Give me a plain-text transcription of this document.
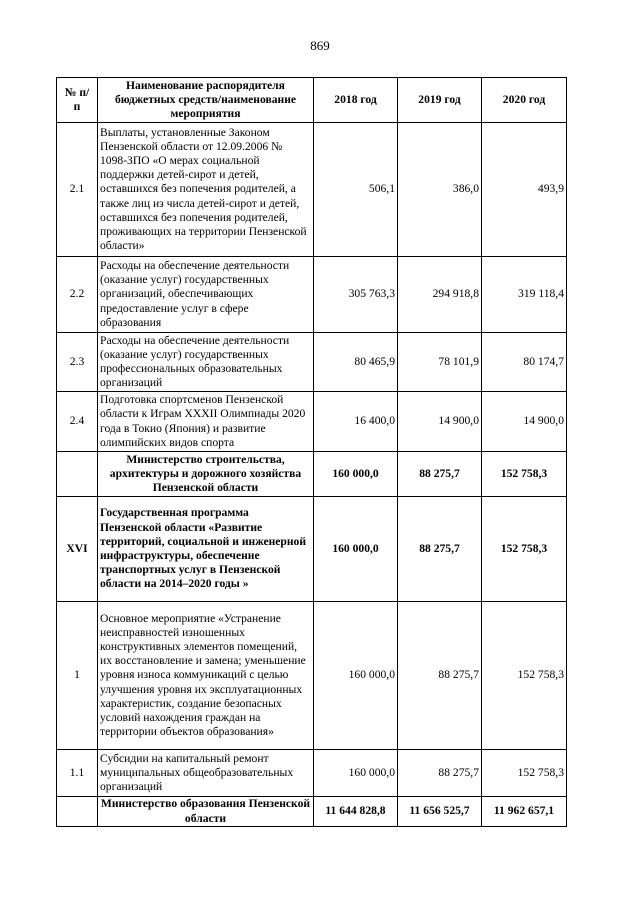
869
№ п/п	Наименование распорядителя бюджетных средств/наименование мероприятия	2018 год	2019 год	2020 год
2.1	Выплаты, установленные Законом Пензенской области от 12.09.2006 № 1098-ЗПО «О мерах социальной поддержки детей-сирот и детей, оставшихся без попечения родителей, а также лиц из числа детей-сирот и детей, оставшихся без попечения родителей, проживающих на территории Пензенской области»	506,1	386,0	493,9
2.2	Расходы на обеспечение деятельности (оказание услуг) государственных организаций, обеспечивающих предоставление услуг в сфере образования	305 763,3	294 918,8	319 118,4
2.3	Расходы на обеспечение деятельности (оказание услуг) государственных профессиональных образовательных организаций	80 465,9	78 101,9	80 174,7
2.4	Подготовка спортсменов Пензенской области к Играм XXXII Олимпиады 2020 года в Токио (Япония) и развитие олимпийских видов спорта	16 400,0	14 900,0	14 900,0
	Министерство строительства, архитектуры и дорожного хозяйства Пензенской области	160 000,0	88 275,7	152 758,3
XVI	Государственная программа Пензенской области «Развитие территорий, социальной и инженерной инфраструктуры, обеспечение транспортных услуг в Пензенской области на 2014–2020 годы »	160 000,0	88 275,7	152 758,3
1	Основное мероприятие «Устранение неисправностей изношенных конструктивных элементов помещений, их восстановление и замена; уменьшение уровня износа коммуникаций с целью улучшения уровня их эксплуатационных характеристик, создание безопасных условий нахождения граждан на территории объектов образования»	160 000,0	88 275,7	152 758,3
1.1	Субсидии на капитальный ремонт муниципальных общеобразовательных организаций	160 000,0	88 275,7	152 758,3
	Министерство образования Пензенской области	11 644 828,8	11 656 525,7	11 962 657,1
